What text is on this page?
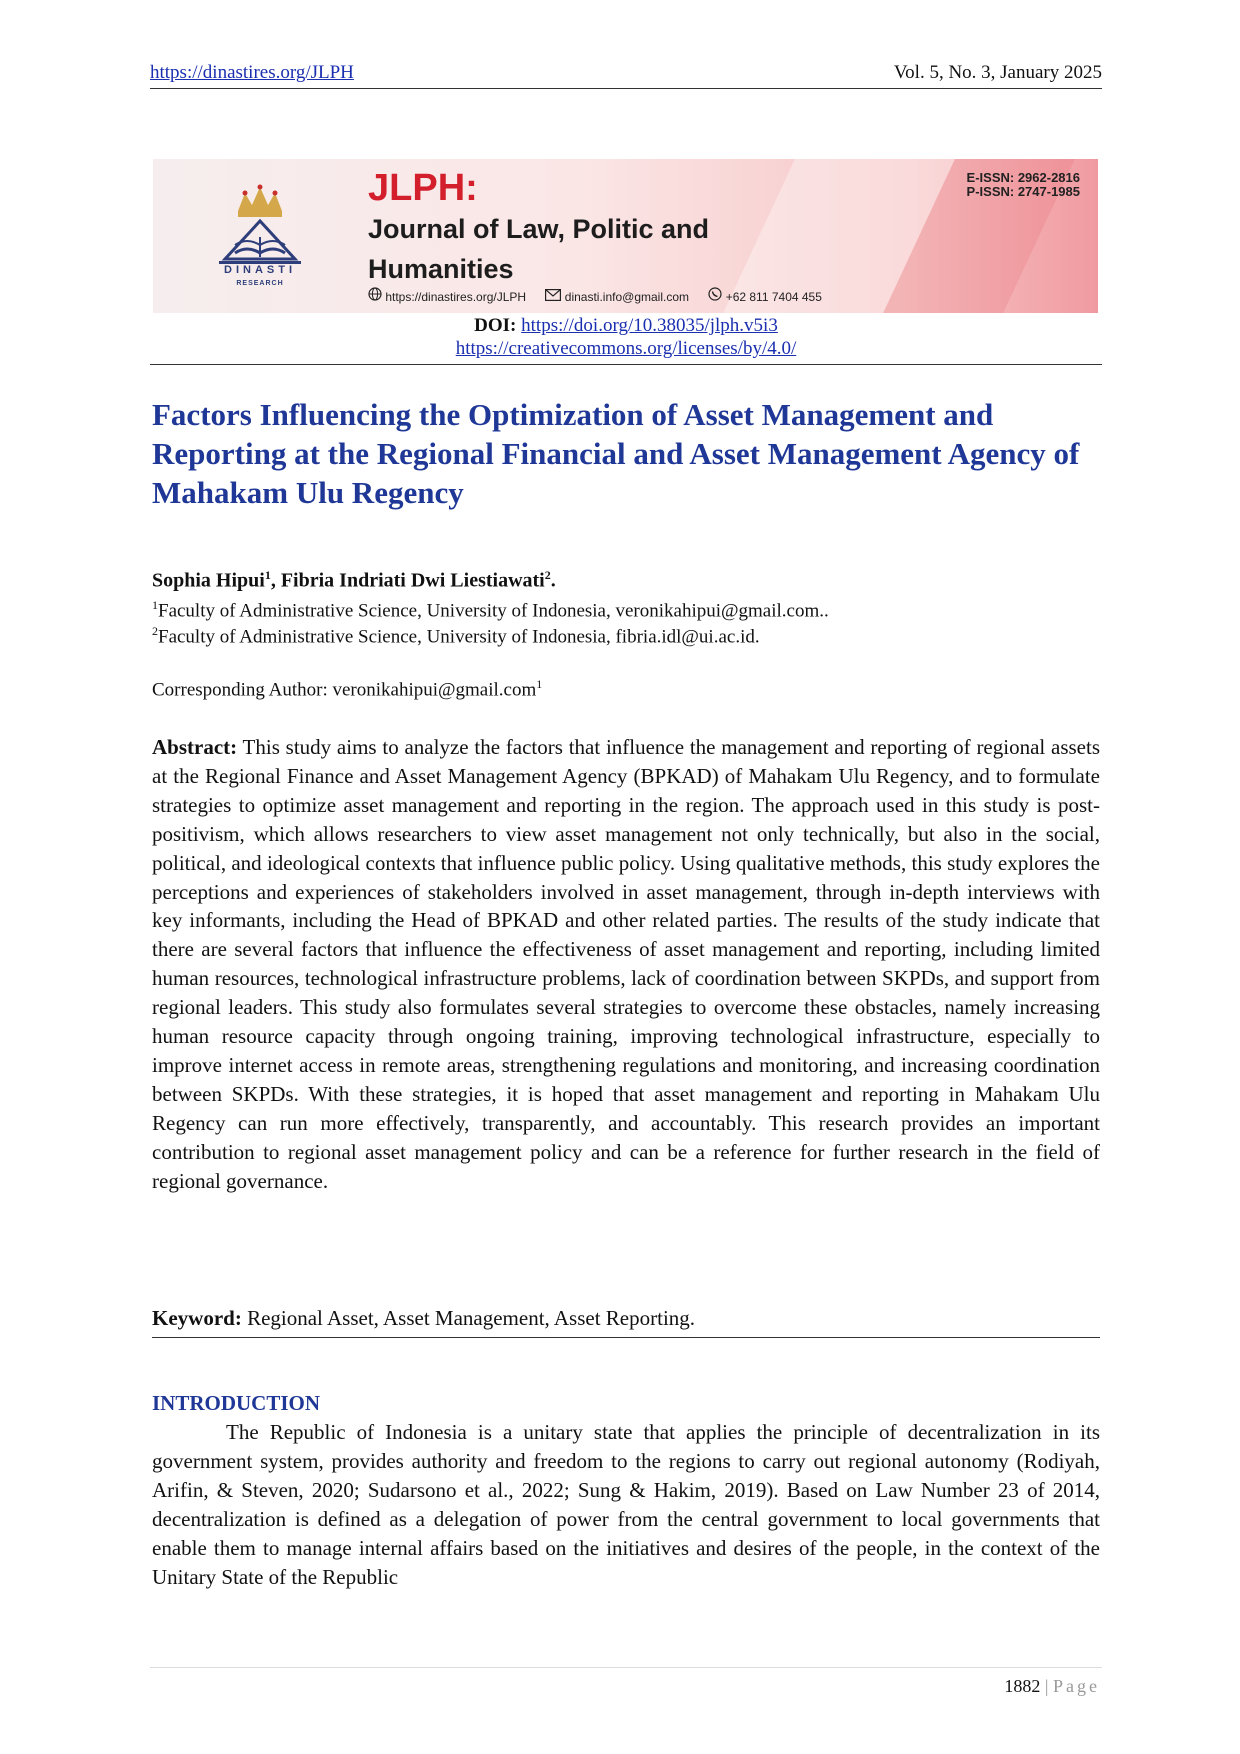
https://dinastires.org/JLPH	Vol. 5, No. 3, January 2025
DINASTI
RESEARCH
JLPH:
Journal of Law, Politic and Humanities
E-ISSN: 2962-2816
P-ISSN: 2747-1985
https://dinastires.org/JLPH	dinasti.info@gmail.com	+62 811 7404 455
DOI: https://doi.org/10.38035/jlph.v5i3
https://creativecommons.org/licenses/by/4.0/
Factors Influencing the Optimization of Asset Management and Reporting at the Regional Financial and Asset Management Agency of Mahakam Ulu Regency
Sophia Hipui$^1$, Fibria Indriati Dwi Liestiawati$^2$.
$^1$Faculty of Administrative Science, University of Indonesia, veronikahipui@gmail.com..
$^2$Faculty of Administrative Science, University of Indonesia, fibria.idl@ui.ac.id.
Corresponding Author: veronikahipui@gmail.com$^1$

Abstract: This study aims to analyze the factors that influence the management and reporting of regional assets at the Regional Finance and Asset Management Agency (BPKAD) of Mahakam Ulu Regency, and to formulate strategies to optimize asset management and reporting in the region. The approach used in this study is post-positivism, which allows researchers to view asset management not only technically, but also in the social, political, and ideological contexts that influence public policy. Using qualitative methods, this study explores the perceptions and experiences of stakeholders involved in asset management, through in-depth interviews with key informants, including the Head of BPKAD and other related parties. The results of the study indicate that there are several factors that influence the effectiveness of asset management and reporting, including limited human resources, technological infrastructure problems, lack of coordination between SKPDs, and support from regional leaders. This study also formulates several strategies to overcome these obstacles, namely increasing human resource capacity through ongoing training, improving technological infrastructure, especially to improve internet access in remote areas, strengthening regulations and monitoring, and increasing coordination between SKPDs. With these strategies, it is hoped that asset management and reporting in Mahakam Ulu Regency can run more effectively, transparently, and accountably. This research provides an important contribution to regional asset management policy and can be a reference for further research in the field of regional governance.

Keyword: Regional Asset, Asset Management, Asset Reporting.
INTRODUCTION

The Republic of Indonesia is a unitary state that applies the principle of decentralization in its government system, provides authority and freedom to the regions to carry out regional autonomy (Rodiyah, Arifin, & Steven, 2020; Sudarsono et al., 2022; Sung & Hakim, 2019). Based on Law Number 23 of 2014, decentralization is defined as a delegation of power from the central government to local governments that enable them to manage internal affairs based on the initiatives and desires of the people, in the context of the Unitary State of the Republic

1882 | Page
